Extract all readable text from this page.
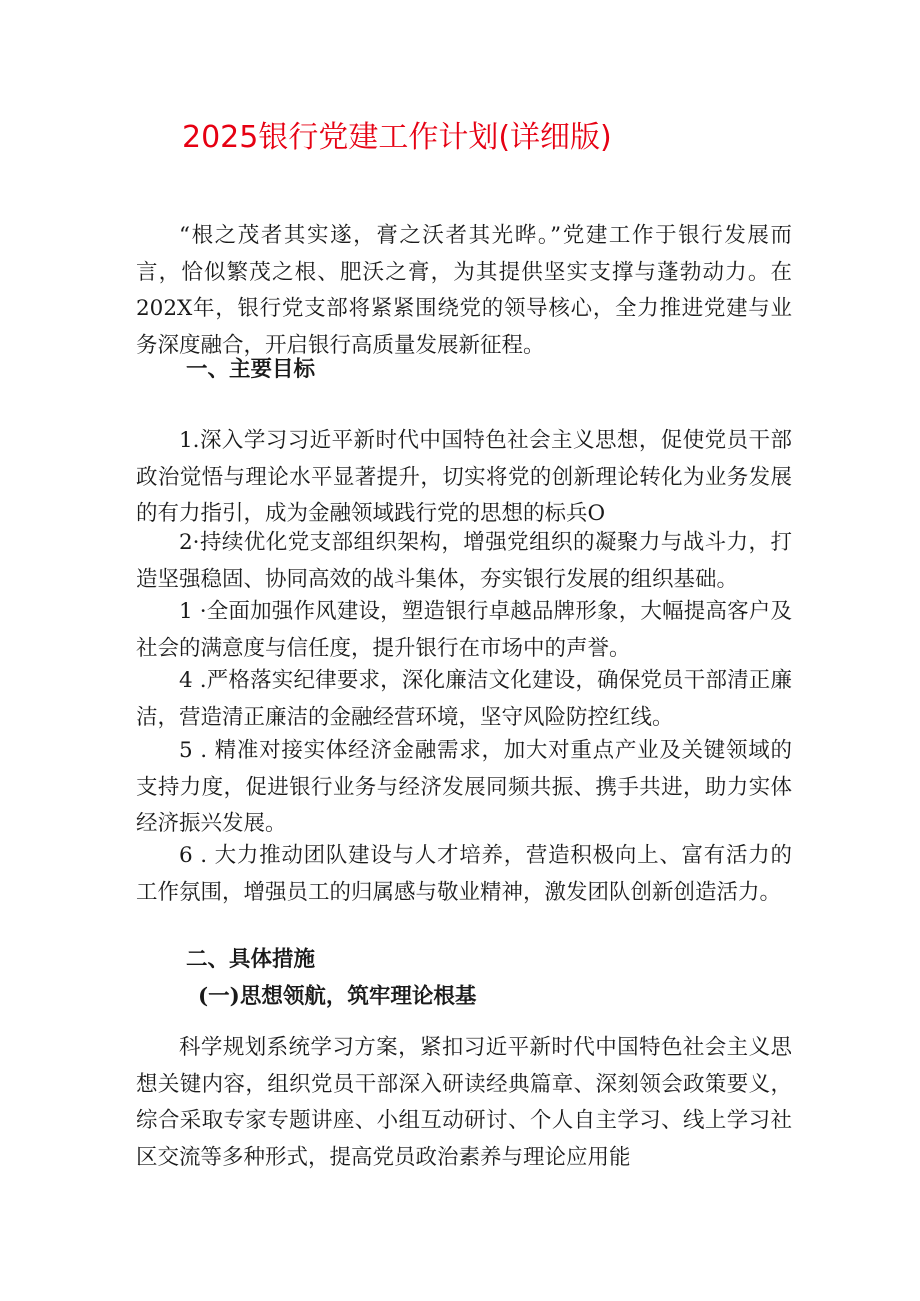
2025银行党建工作计划(详细版)

“根之茂者其实遂，膏之沃者其光晔。”党建工作于银行发展而言，恰似繁茂之根、肥沃之膏，为其提供坚实支撑与蓬勃动力。在202X年，银行党支部将紧紧围绕党的领导核心，全力推进党建与业务深度融合，开启银行高质量发展新征程。

一、主要目标

1.深入学习习近平新时代中国特色社会主义思想，促使党员干部政治觉悟与理论水平显著提升，切实将党的创新理论转化为业务发展的有力指引，成为金融领域践行党的思想的标兵O

2·持续优化党支部组织架构，增强党组织的凝聚力与战斗力，打造坚强稳固、协同高效的战斗集体，夯实银行发展的组织基础。

1 ·全面加强作风建设，塑造银行卓越品牌形象，大幅提高客户及社会的满意度与信任度，提升银行在市场中的声誉。

4 .严格落实纪律要求，深化廉洁文化建设，确保党员干部清正廉洁，营造清正廉洁的金融经营环境，坚守风险防控红线。

5 . 精准对接实体经济金融需求，加大对重点产业及关键领域的支持力度，促进银行业务与经济发展同频共振、携手共进，助力实体经济振兴发展。

6 . 大力推动团队建设与人才培养，营造积极向上、富有活力的工作氛围，增强员工的归属感与敬业精神，激发团队创新创造活力。

二、具体措施
(一)思想领航，筑牢理论根基

科学规划系统学习方案，紧扣习近平新时代中国特色社会主义思想关键内容，组织党员干部深入研读经典篇章、深刻领会政策要义，综合采取专家专题讲座、小组互动研讨、个人自主学习、线上学习社区交流等多种形式，提高党员政治素养与理论应用能
